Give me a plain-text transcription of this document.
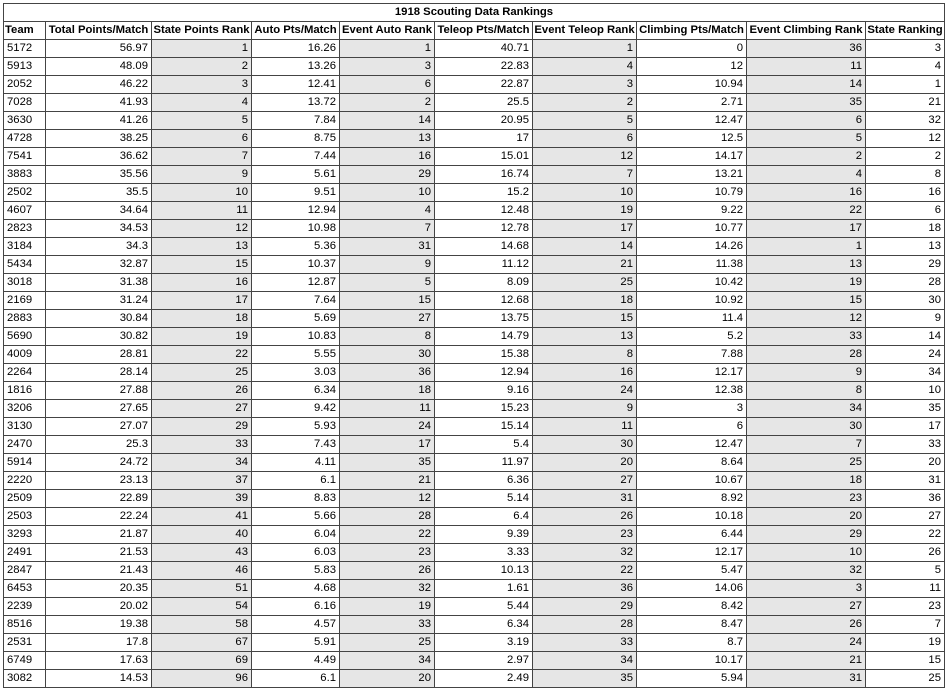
1918 Scouting Data Rankings									
Team	Total Points/Match	State Points Rank	Auto Pts/Match	Event Auto Rank	Teleop Pts/Match	Event Teleop Rank	Climbing Pts/Match	Event Climbing Rank	State Ranking
5172	56.97	1	16.26	1	40.71	1	0	36	3
5913	48.09	2	13.26	3	22.83	4	12	11	4
2052	46.22	3	12.41	6	22.87	3	10.94	14	1
7028	41.93	4	13.72	2	25.5	2	2.71	35	21
3630	41.26	5	7.84	14	20.95	5	12.47	6	32
4728	38.25	6	8.75	13	17	6	12.5	5	12
7541	36.62	7	7.44	16	15.01	12	14.17	2	2
3883	35.56	9	5.61	29	16.74	7	13.21	4	8
2502	35.5	10	9.51	10	15.2	10	10.79	16	16
4607	34.64	11	12.94	4	12.48	19	9.22	22	6
2823	34.53	12	10.98	7	12.78	17	10.77	17	18
3184	34.3	13	5.36	31	14.68	14	14.26	1	13
5434	32.87	15	10.37	9	11.12	21	11.38	13	29
3018	31.38	16	12.87	5	8.09	25	10.42	19	28
2169	31.24	17	7.64	15	12.68	18	10.92	15	30
2883	30.84	18	5.69	27	13.75	15	11.4	12	9
5690	30.82	19	10.83	8	14.79	13	5.2	33	14
4009	28.81	22	5.55	30	15.38	8	7.88	28	24
2264	28.14	25	3.03	36	12.94	16	12.17	9	34
1816	27.88	26	6.34	18	9.16	24	12.38	8	10
3206	27.65	27	9.42	11	15.23	9	3	34	35
3130	27.07	29	5.93	24	15.14	11	6	30	17
2470	25.3	33	7.43	17	5.4	30	12.47	7	33
5914	24.72	34	4.11	35	11.97	20	8.64	25	20
2220	23.13	37	6.1	21	6.36	27	10.67	18	31
2509	22.89	39	8.83	12	5.14	31	8.92	23	36
2503	22.24	41	5.66	28	6.4	26	10.18	20	27
3293	21.87	40	6.04	22	9.39	23	6.44	29	22
2491	21.53	43	6.03	23	3.33	32	12.17	10	26
2847	21.43	46	5.83	26	10.13	22	5.47	32	5
6453	20.35	51	4.68	32	1.61	36	14.06	3	11
2239	20.02	54	6.16	19	5.44	29	8.42	27	23
8516	19.38	58	4.57	33	6.34	28	8.47	26	7
2531	17.8	67	5.91	25	3.19	33	8.7	24	19
6749	17.63	69	4.49	34	2.97	34	10.17	21	15
3082	14.53	96	6.1	20	2.49	35	5.94	31	25
